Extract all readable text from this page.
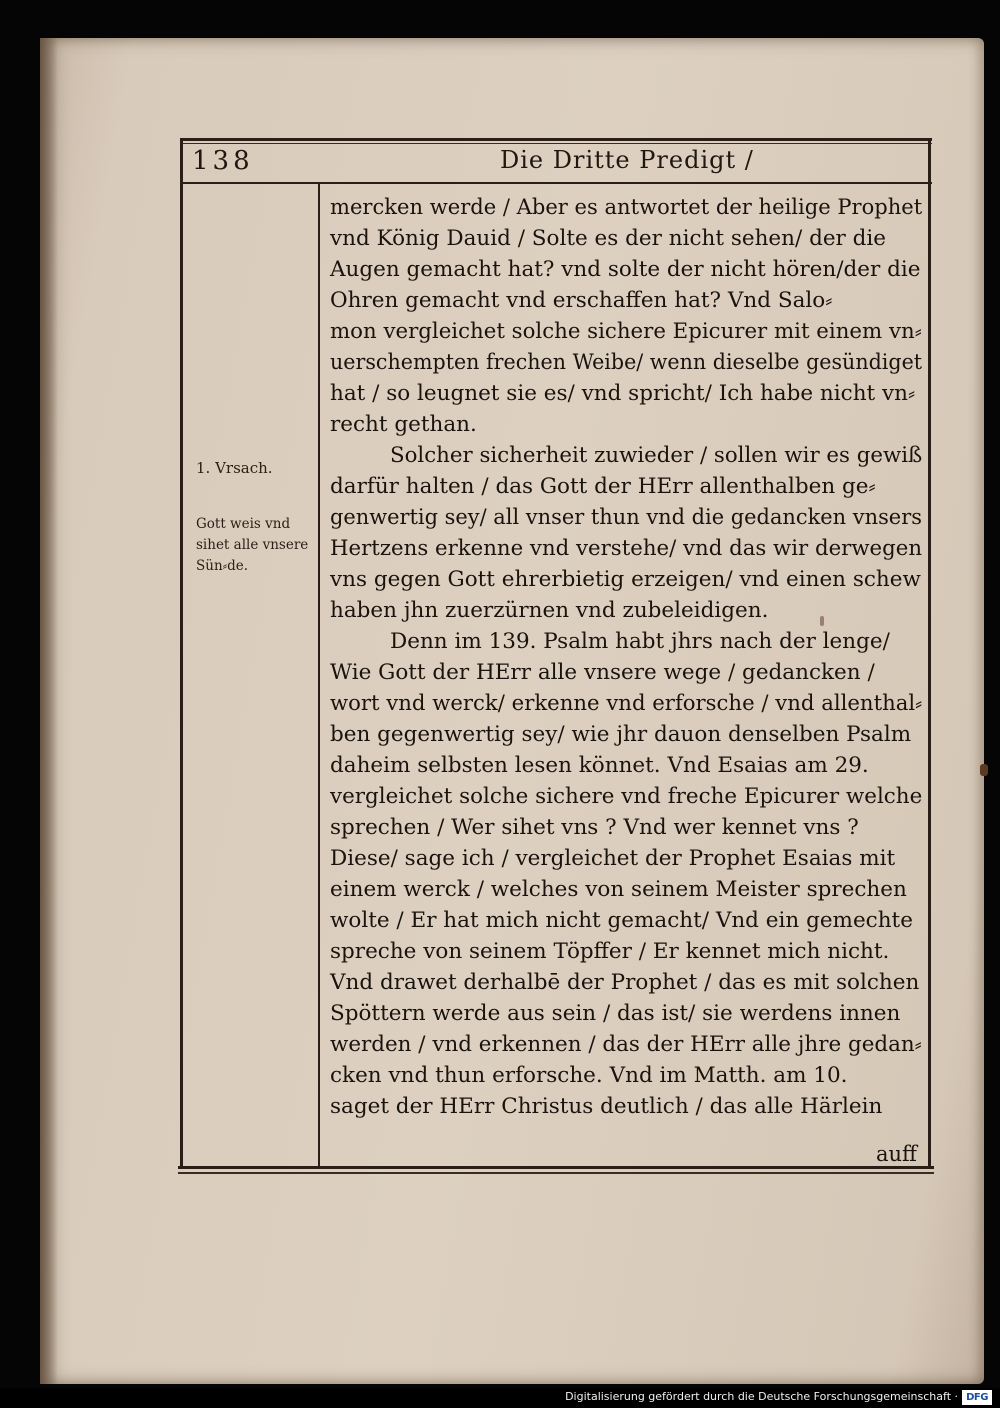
138	Die Dritte Predigt /
1. Vrsach.
Gott weis vnd sihet alle vnsere Sün⸗de.
mercken werde / Aber es antwortet der heilige Prophet
vnd König Dauid / Solte es der nicht sehen/ der die
Augen gemacht hat? vnd solte der nicht hören/der die
Ohren gemacht vnd erschaffen hat? Vnd Salo⸗
mon vergleichet solche sichere Epicurer mit einem vn⸗
uerschempten frechen Weibe/ wenn dieselbe gesündiget
hat / so leugnet sie es/ vnd spricht/ Ich habe nicht vn⸗
recht gethan.
Solcher sicherheit zuwieder / sollen wir es gewiß
darfür halten / das Gott der HErr allenthalben ge⸗
genwertig sey/ all vnser thun vnd die gedancken vnsers
Hertzens erkenne vnd verstehe/ vnd das wir derwegen
vns gegen Gott ehrerbietig erzeigen/ vnd einen schew
haben jhn zuerzürnen vnd zubeleidigen.
Denn im 139. Psalm habt jhrs nach der lenge/
Wie Gott der HErr alle vnsere wege / gedancken /
wort vnd werck/ erkenne vnd erforsche / vnd allenthal⸗
ben gegenwertig sey/ wie jhr dauon denselben Psalm
daheim selbsten lesen könnet. Vnd Esaias am 29.
vergleichet solche sichere vnd freche Epicurer welche
sprechen / Wer sihet vns ? Vnd wer kennet vns ?
Diese/ sage ich / vergleichet der Prophet Esaias mit
einem werck / welches von seinem Meister sprechen
wolte / Er hat mich nicht gemacht/ Vnd ein gemechte
spreche von seinem Töpffer / Er kennet mich nicht.
Vnd drawet derhalbē der Prophet / das es mit solchen
Spöttern werde aus sein / das ist/ sie werdens innen
werden / vnd erkennen / das der HErr alle jhre gedan⸗
cken vnd thun erforsche. Vnd im Matth. am 10.
saget der HErr Christus deutlich / das alle Härlein
auff
Digitalisierung gefördert durch die Deutsche Forschungsgemeinschaft · DFG
